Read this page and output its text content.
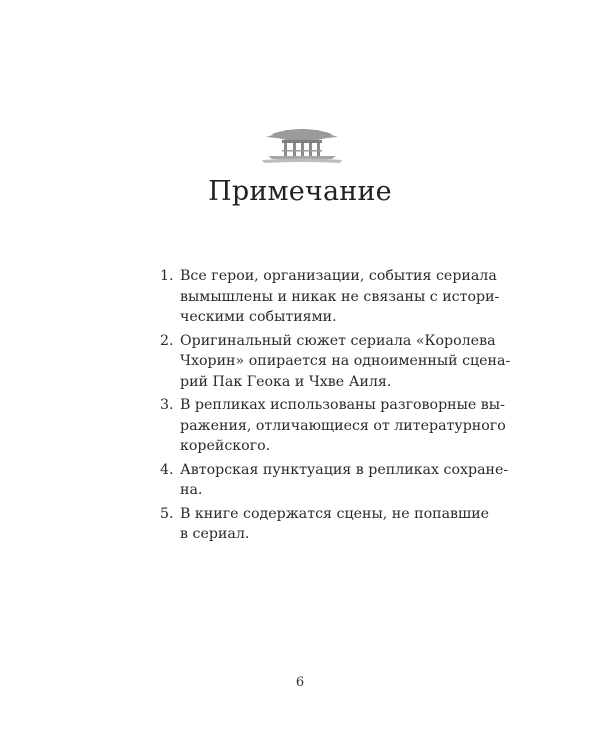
Примечание
1. Все герои, организации, события сериала
вымышлены и никак не связаны с истори-
ческими событиями.
2. Оригинальный сюжет сериала «Королева
Чхорин» опирается на одноименный сцена-
рий Пак Геока и Чхве Аиля.
3. В репликах использованы разговорные вы-
ражения, отличающиеся от литературного
корейского.
4. Авторская пунктуация в репликах сохране-
на.
5. В книге содержатся сцены, не попавшие
в сериал.
6
